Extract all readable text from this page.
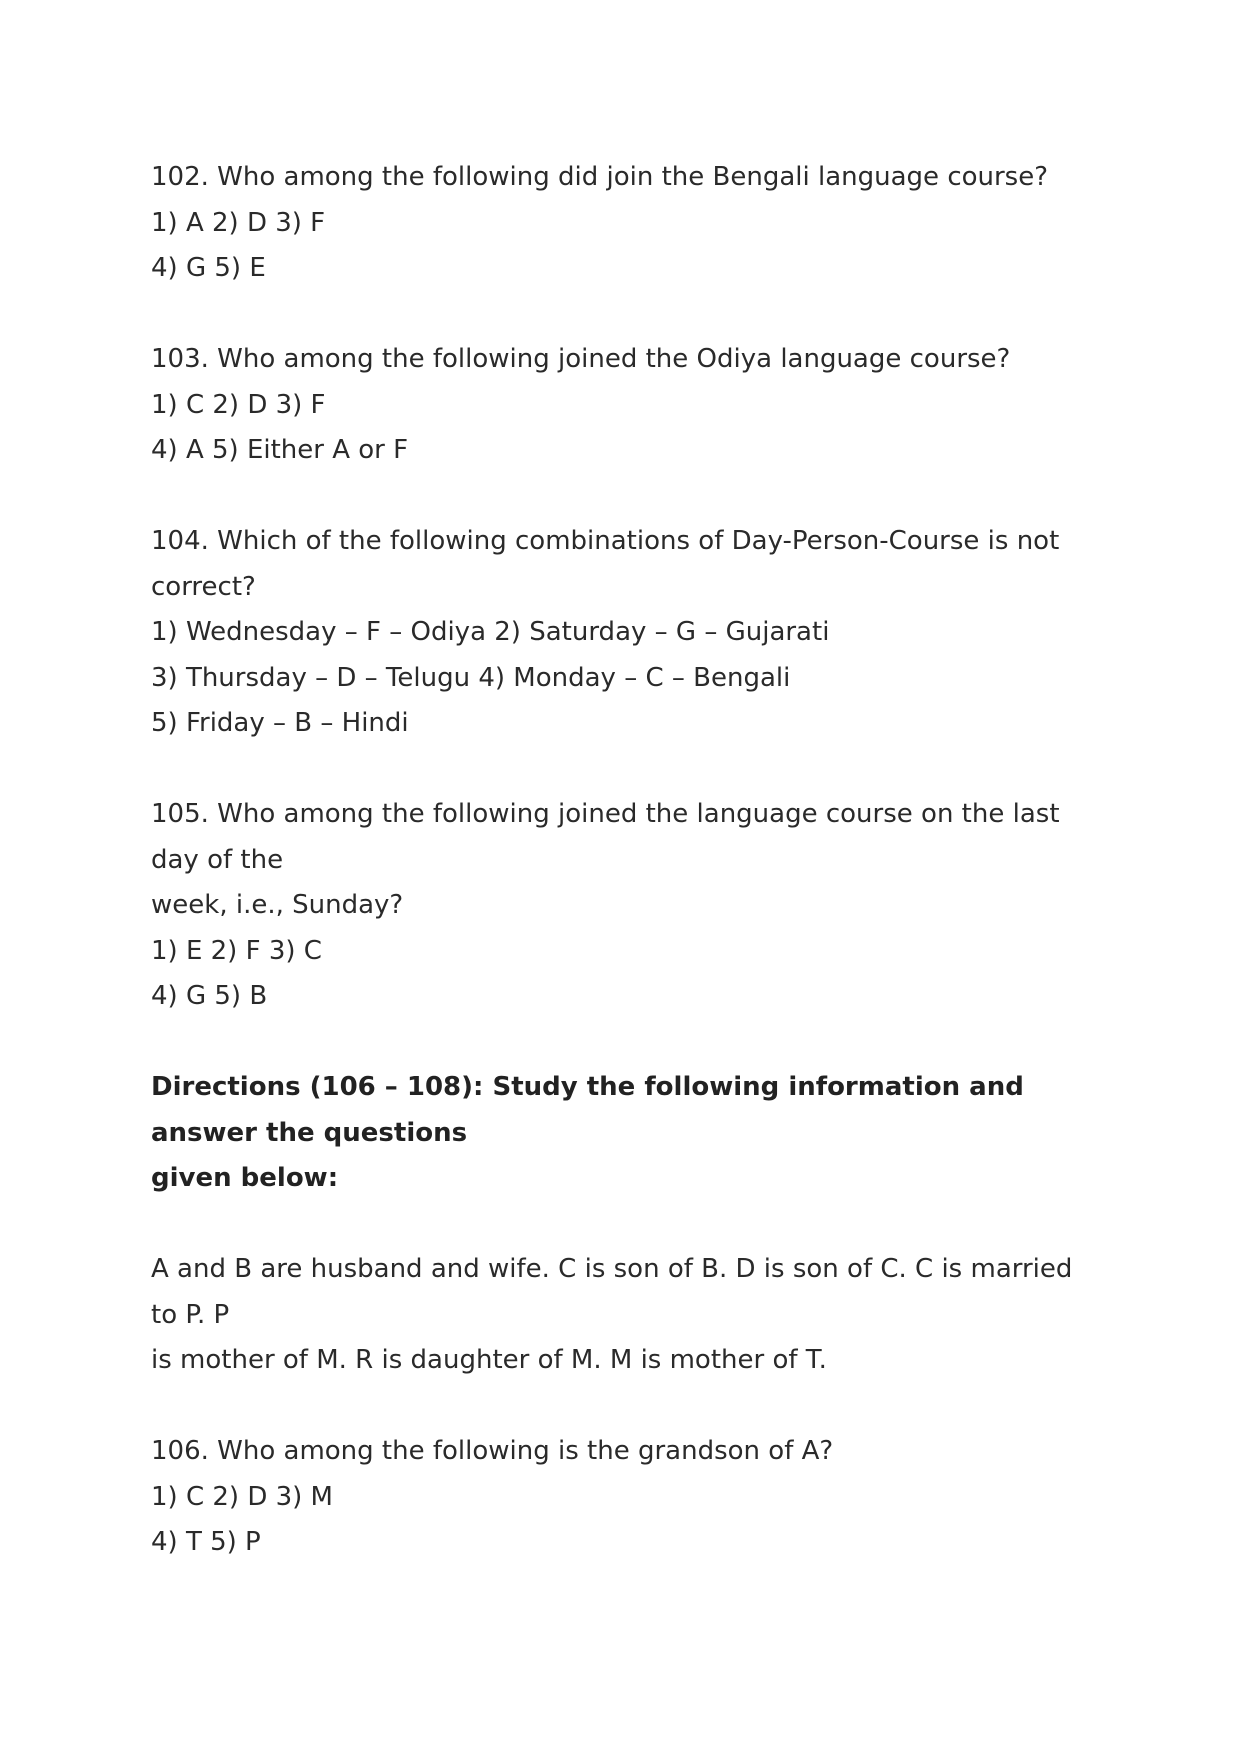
102. Who among the following did join the Bengali language course?
1) A 2) D 3) F
4) G 5) E
103. Who among the following joined the Odiya language course?
1) C 2) D 3) F
4) A 5) Either A or F
104. Which of the following combinations of Day-Person-Course is not
correct?
1) Wednesday – F – Odiya 2) Saturday – G – Gujarati
3) Thursday – D – Telugu 4) Monday – C – Bengali
5) Friday – B – Hindi
105. Who among the following joined the language course on the last
day of the
week, i.e., Sunday?
1) E 2) F 3) C
4) G 5) B
Directions (106 – 108): Study the following information and
answer the questions
given below:
A and B are husband and wife. C is son of B. D is son of C. C is married
to P. P
is mother of M. R is daughter of M. M is mother of T.
106. Who among the following is the grandson of A?
1) C 2) D 3) M
4) T 5) P
